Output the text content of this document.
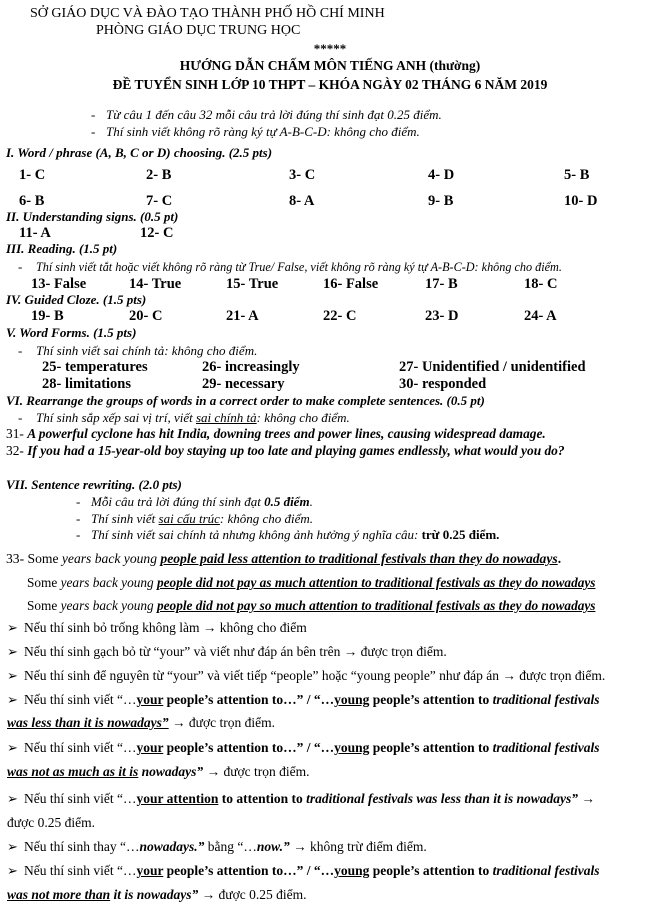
SỞ GIÁO DỤC VÀ ĐÀO TẠO THÀNH PHỐ HỒ CHÍ MINH
PHÒNG GIÁO DỤC TRUNG HỌC
*****
HƯỚNG DẪN CHẤM MÔN TIẾNG ANH (thường)
ĐỀ TUYỂN SINH LỚP 10 THPT – KHÓA NGÀY 02 THÁNG 6 NĂM 2019
- Từ câu 1 đến câu 32 mỗi câu trả lời đúng thí sinh đạt 0.25 điểm.
- Thí sinh viết không rõ ràng ký tự A-B-C-D: không cho điểm.
I. Word / phrase (A, B, C or D) choosing. (2.5 pts)
1- C	2- B	3- C	4- D	5- B
6- B	7- C	8- A	9- B	10- D
II. Understanding signs. (0.5 pt)
11- A	12- C
III. Reading. (1.5 pt)
- Thí sinh viết tắt hoặc viết không rõ ràng từ True/ False, viết không rõ ràng ký tự A-B-C-D: không cho điểm.
13- False	14- True	15- True	16- False	17- B	18- C
IV. Guided Cloze. (1.5 pts)
19- B	20- C	21- A	22- C	23- D	24- A
V. Word Forms. (1.5 pts)
- Thí sinh viết sai chính tả: không cho điểm.
25- temperatures	26- increasingly	27- Unidentified / unidentified
28- limitations	29- necessary	30- responded
VI. Rearrange the groups of words in a correct order to make complete sentences. (0.5 pt)
- Thí sinh sắp xếp sai vị trí, viết sai chính tả: không cho điểm.
31- A powerful cyclone has hit India, downing trees and power lines, causing widespread damage.
32- If you had a 15-year-old boy staying up too late and playing games endlessly, what would you do?
VII. Sentence rewriting. (2.0 pts)
- Mỗi câu trả lời đúng thí sinh đạt 0.5 điểm.
- Thí sinh viết sai cấu trúc: không cho điểm.
- Thí sinh viết sai chính tả nhưng không ảnh hưởng ý nghĩa câu: trừ 0.25 điểm.
33- Some years back young people paid less attention to traditional festivals than they do nowadays.
Some years back young people did not pay as much attention to traditional festivals as they do nowadays
Some years back young people did not pay so much attention to traditional festivals as they do nowadays
➢ Nếu thí sinh bỏ trống không làm → không cho điểm
➢ Nếu thí sinh gạch bỏ từ “your” và viết như đáp án bên trên → được trọn điểm.
➢ Nếu thí sinh để nguyên từ “your” và viết tiếp “people” hoặc “young people” như đáp án → được trọn điểm.
➢ Nếu thí sinh viết “…your people’s attention to…” / “…young people’s attention to traditional festivals
was less than it is nowadays” → được trọn điểm.
➢ Nếu thí sinh viết “…your people’s attention to…” / “…young people’s attention to traditional festivals
was not as much as it is nowadays” → được trọn điểm.
➢ Nếu thí sinh viết “…your attention to attention to traditional festivals was less than it is nowadays” →
được 0.25 điểm.
➢ Nếu thí sinh thay “…nowadays.” bằng “…now.” → không trừ điểm điểm.
➢ Nếu thí sinh viết “…your people’s attention to…” / “…young people’s attention to traditional festivals
was not more than it is nowadays” → được 0.25 điểm.
